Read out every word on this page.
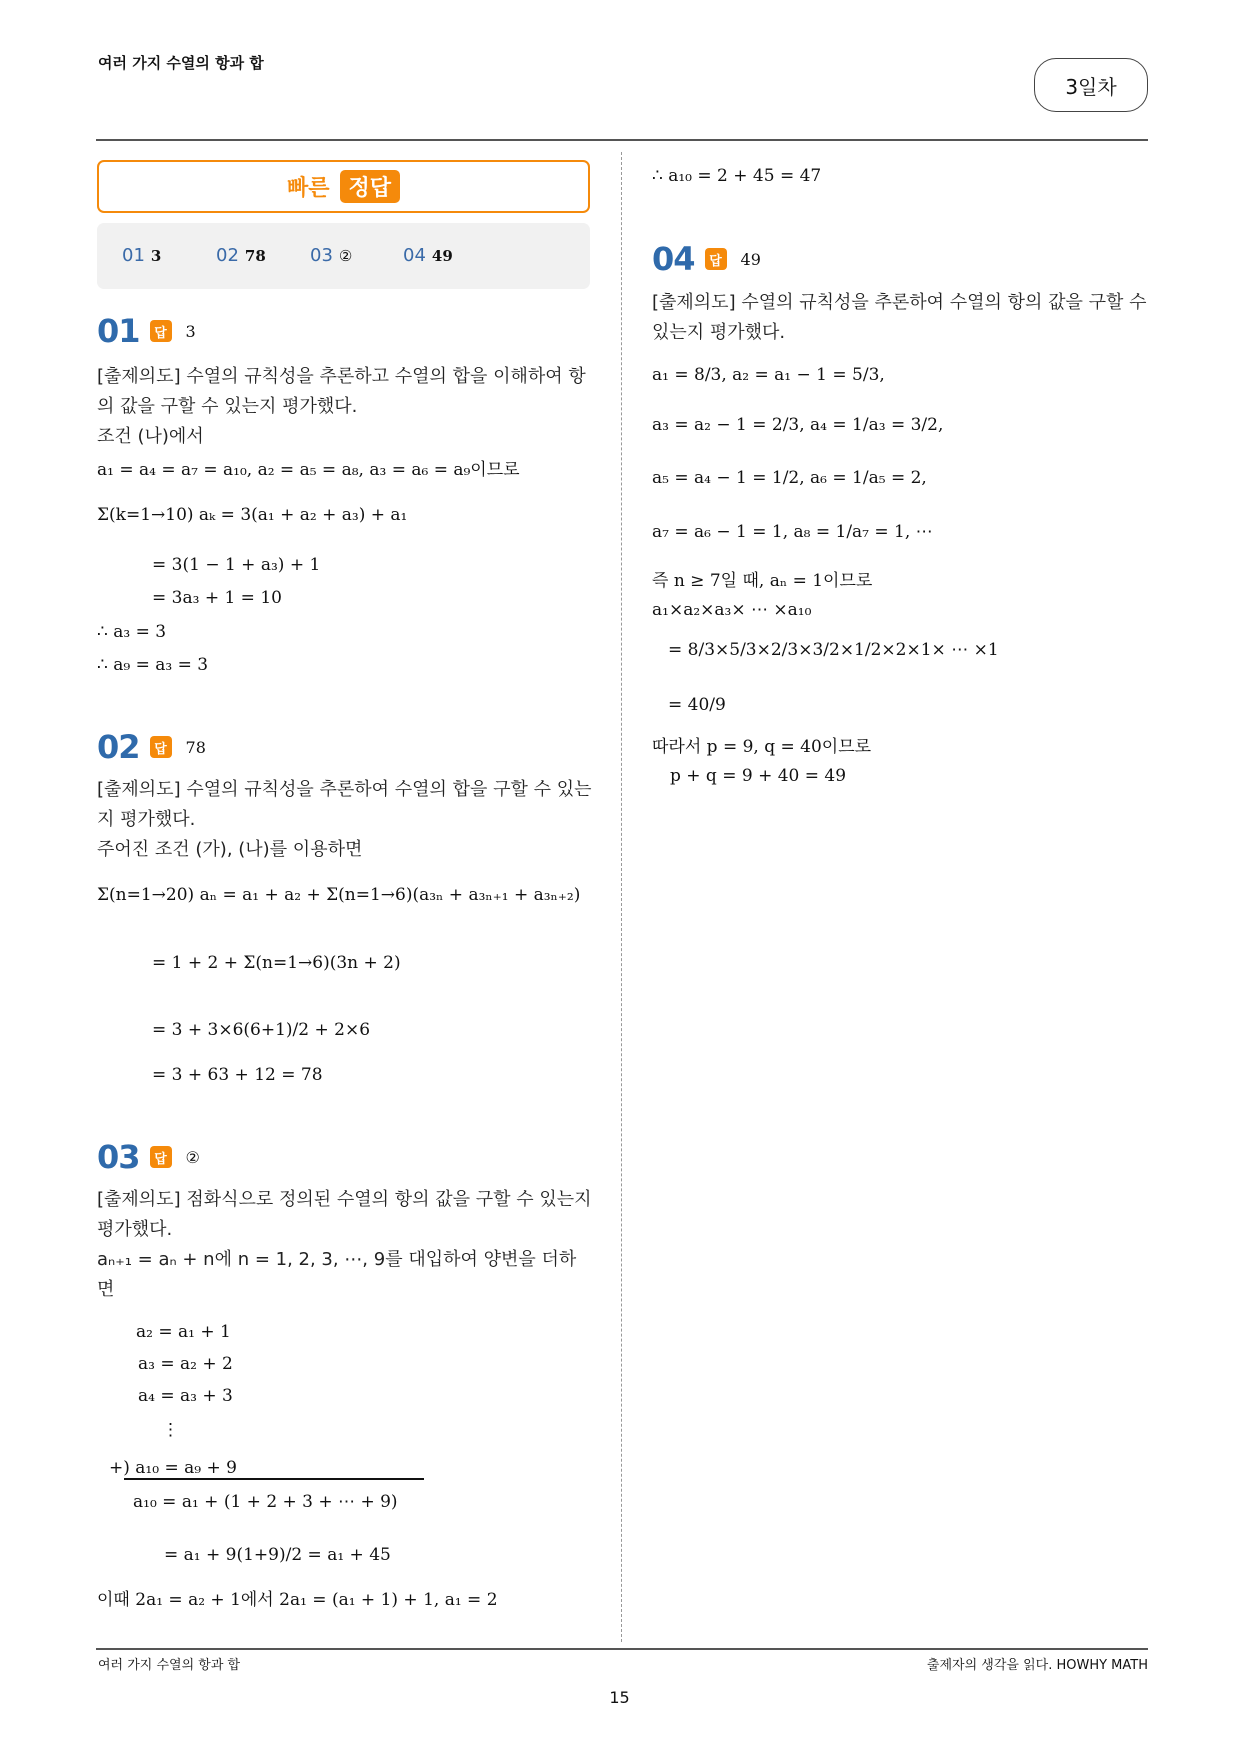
여러 가지 수열의 항과 합
3일차
빠른 정답
01 3	02 78 03 ②	04 49
01	답 3
[출제의도] 수열의 규칙성을 추론하고 수열의 합을 이해하여 항의 값을 구할 수 있는지 평가했다.
조건 (나)에서
a₁ = a₄ = a₇ = a₁₀, a₂ = a₅ = a₈, a₃ = a₆ = a₉이므로
Σ(k=1→10) aₖ = 3(a₁ + a₂ + a₃) + a₁
= 3(1 − 1 + a₃) + 1
= 3a₃ + 1 = 10
∴ a₃ = 3
∴ a₉ = a₃ = 3
02	답 78
[출제의도] 수열의 규칙성을 추론하여 수열의 합을 구할 수 있는지 평가했다.
주어진 조건 (가), (나)를 이용하면
Σ(n=1→20) aₙ = a₁ + a₂ + Σ(n=1→6)(a₃ₙ + a₃ₙ₊₁ + a₃ₙ₊₂)
= 1 + 2 + Σ(n=1→6)(3n + 2)
= 3 + 3×6(6+1)/2 + 2×6
= 3 + 63 + 12 = 78
03	답 ②
[출제의도] 점화식으로 정의된 수열의 항의 값을 구할 수 있는지 평가했다.
aₙ₊₁ = aₙ + n에 n = 1, 2, 3, ⋯, 9를 대입하여 양변을 더하면
a₂ = a₁ + 1
a₃ = a₂ + 2
a₄ = a₃ + 3
⋮
+) a₁₀ = a₉ + 9
a₁₀ = a₁ + (1 + 2 + 3 + ⋯ + 9)
= a₁ + 9(1+9)/2 = a₁ + 45
이때 2a₁ = a₂ + 1에서 2a₁ = (a₁ + 1) + 1, a₁ = 2
∴ a₁₀ = 2 + 45 = 47
04	답 49
[출제의도] 수열의 규칙성을 추론하여 수열의 항의 값을 구할 수 있는지 평가했다.
a₁ = 8/3, a₂ = a₁ − 1 = 5/3,
a₃ = a₂ − 1 = 2/3, a₄ = 1/a₃ = 3/2,
a₅ = a₄ − 1 = 1/2, a₆ = 1/a₅ = 2,
a₇ = a₆ − 1 = 1, a₈ = 1/a₇ = 1, ⋯
즉 n ≥ 7일 때, aₙ = 1이므로
a₁×a₂×a₃× ⋯ ×a₁₀
= 8/3×5/3×2/3×3/2×1/2×2×1× ⋯ ×1
= 40/9
따라서 p = 9, q = 40이므로
p + q = 9 + 40 = 49
여러 가지 수열의 항과 합	출제자의 생각을 읽다. HOWHY MATH
15
